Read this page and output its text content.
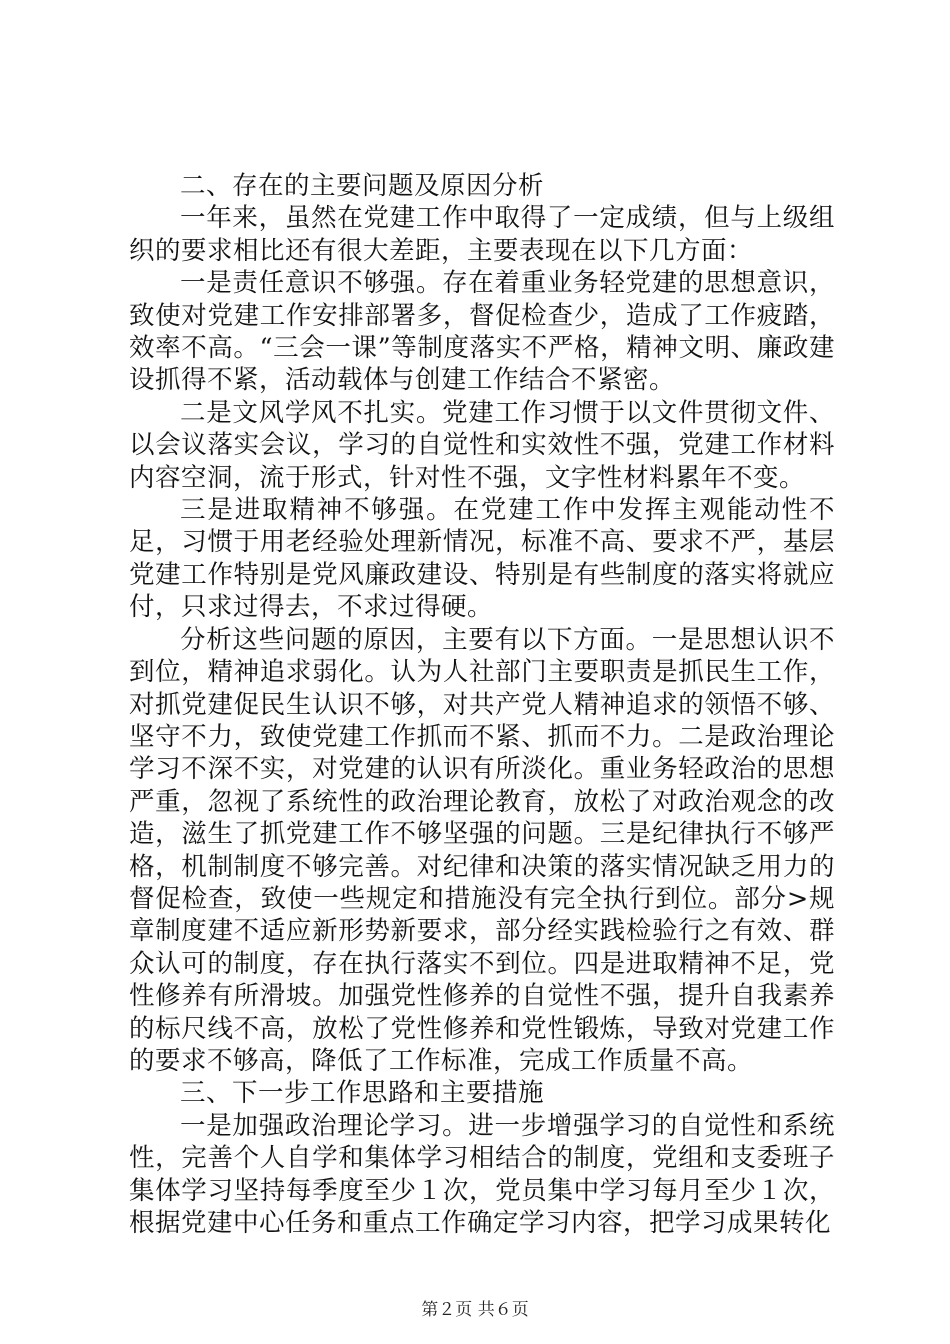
二、存在的主要问题及原因分析

一年来，虽然在党建工作中取得了一定成绩，但与上级组织的要求相比还有很大差距，主要表现在以下几方面：

一是责任意识不够强。存在着重业务轻党建的思想意识，致使对党建工作安排部署多，督促检查少，造成了工作疲踏，效率不高。“三会一课”等制度落实不严格，精神文明、廉政建设抓得不紧，活动载体与创建工作结合不紧密。

二是文风学风不扎实。党建工作习惯于以文件贯彻文件、以会议落实会议，学习的自觉性和实效性不强，党建工作材料内容空洞，流于形式，针对性不强，文字性材料累年不变。

三是进取精神不够强。在党建工作中发挥主观能动性不足，习惯于用老经验处理新情况，标准不高、要求不严，基层党建工作特别是党风廉政建设、特别是有些制度的落实将就应付，只求过得去，不求过得硬。

分析这些问题的原因，主要有以下方面。一是思想认识不到位，精神追求弱化。认为人社部门主要职责是抓民生工作，对抓党建促民生认识不够，对共产党人精神追求的领悟不够、坚守不力，致使党建工作抓而不紧、抓而不力。二是政治理论学习不深不实，对党建的认识有所淡化。重业务轻政治的思想严重，忽视了系统性的政治理论教育，放松了对政治观念的改造，滋生了抓党建工作不够坚强的问题。三是纪律执行不够严格，机制制度不够完善。对纪律和决策的落实情况缺乏用力的督促检查，致使一些规定和措施没有完全执行到位。部分>规章制度建不适应新形势新要求，部分经实践检验行之有效、群众认可的制度，存在执行落实不到位。四是进取精神不足，党性修养有所滑坡。加强党性修养的自觉性不强，提升自我素养的标尺线不高，放松了党性修养和党性锻炼，导致对党建工作的要求不够高，降低了工作标准，完成工作质量不高。

三、下一步工作思路和主要措施

一是加强政治理论学习。进一步增强学习的自觉性和系统性，完善个人自学和集体学习相结合的制度，党组和支委班子集体学习坚持每季度至少１次，党员集中学习每月至少１次，根据党建中心任务和重点工作确定学习内容，把学习成果转化

第２页 共６页
